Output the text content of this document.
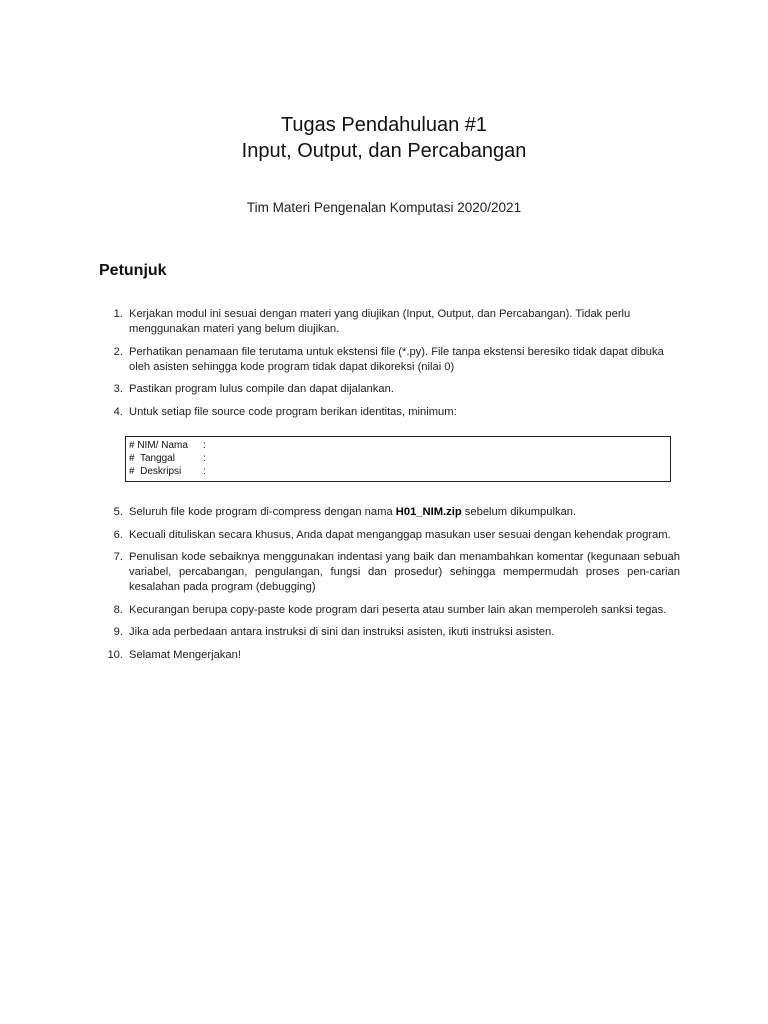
Tugas Pendahuluan #1
Input, Output, dan Percabangan
Tim Materi Pengenalan Komputasi 2020/2021
Petunjuk
1. Kerjakan modul ini sesuai dengan materi yang diujikan (Input, Output, dan Percabangan). Tidak perlu menggunakan materi yang belum diujikan.
2. Perhatikan penamaan file terutama untuk ekstensi file (*.py). File tanpa ekstensi beresiko tidak dapat dibuka oleh asisten sehingga kode program tidak dapat dikoreksi (nilai 0)
3. Pastikan program lulus compile dan dapat dijalankan.
4. Untuk setiap file source code program berikan identitas, minimum:
# NIM/ Nama :
#  Tanggal	:
#  Deskripsi :
5. Seluruh file kode program di-compress dengan nama H01_NIM.zip sebelum dikumpulkan.
6. Kecuali dituliskan secara khusus, Anda dapat menganggap masukan user sesuai dengan kehendak program.
7. Penulisan kode sebaiknya menggunakan indentasi yang baik dan menambahkan komentar (kegunaan sebuah variabel, percabangan, pengulangan, fungsi dan prosedur) sehingga mempermudah proses pen-carian kesalahan pada program (debugging)
8. Kecurangan berupa copy-paste kode program dari peserta atau sumber lain akan memperoleh sanksi tegas.
9. Jika ada perbedaan antara instruksi di sini dan instruksi asisten, ikuti instruksi asisten.
10. Selamat Mengerjakan!
